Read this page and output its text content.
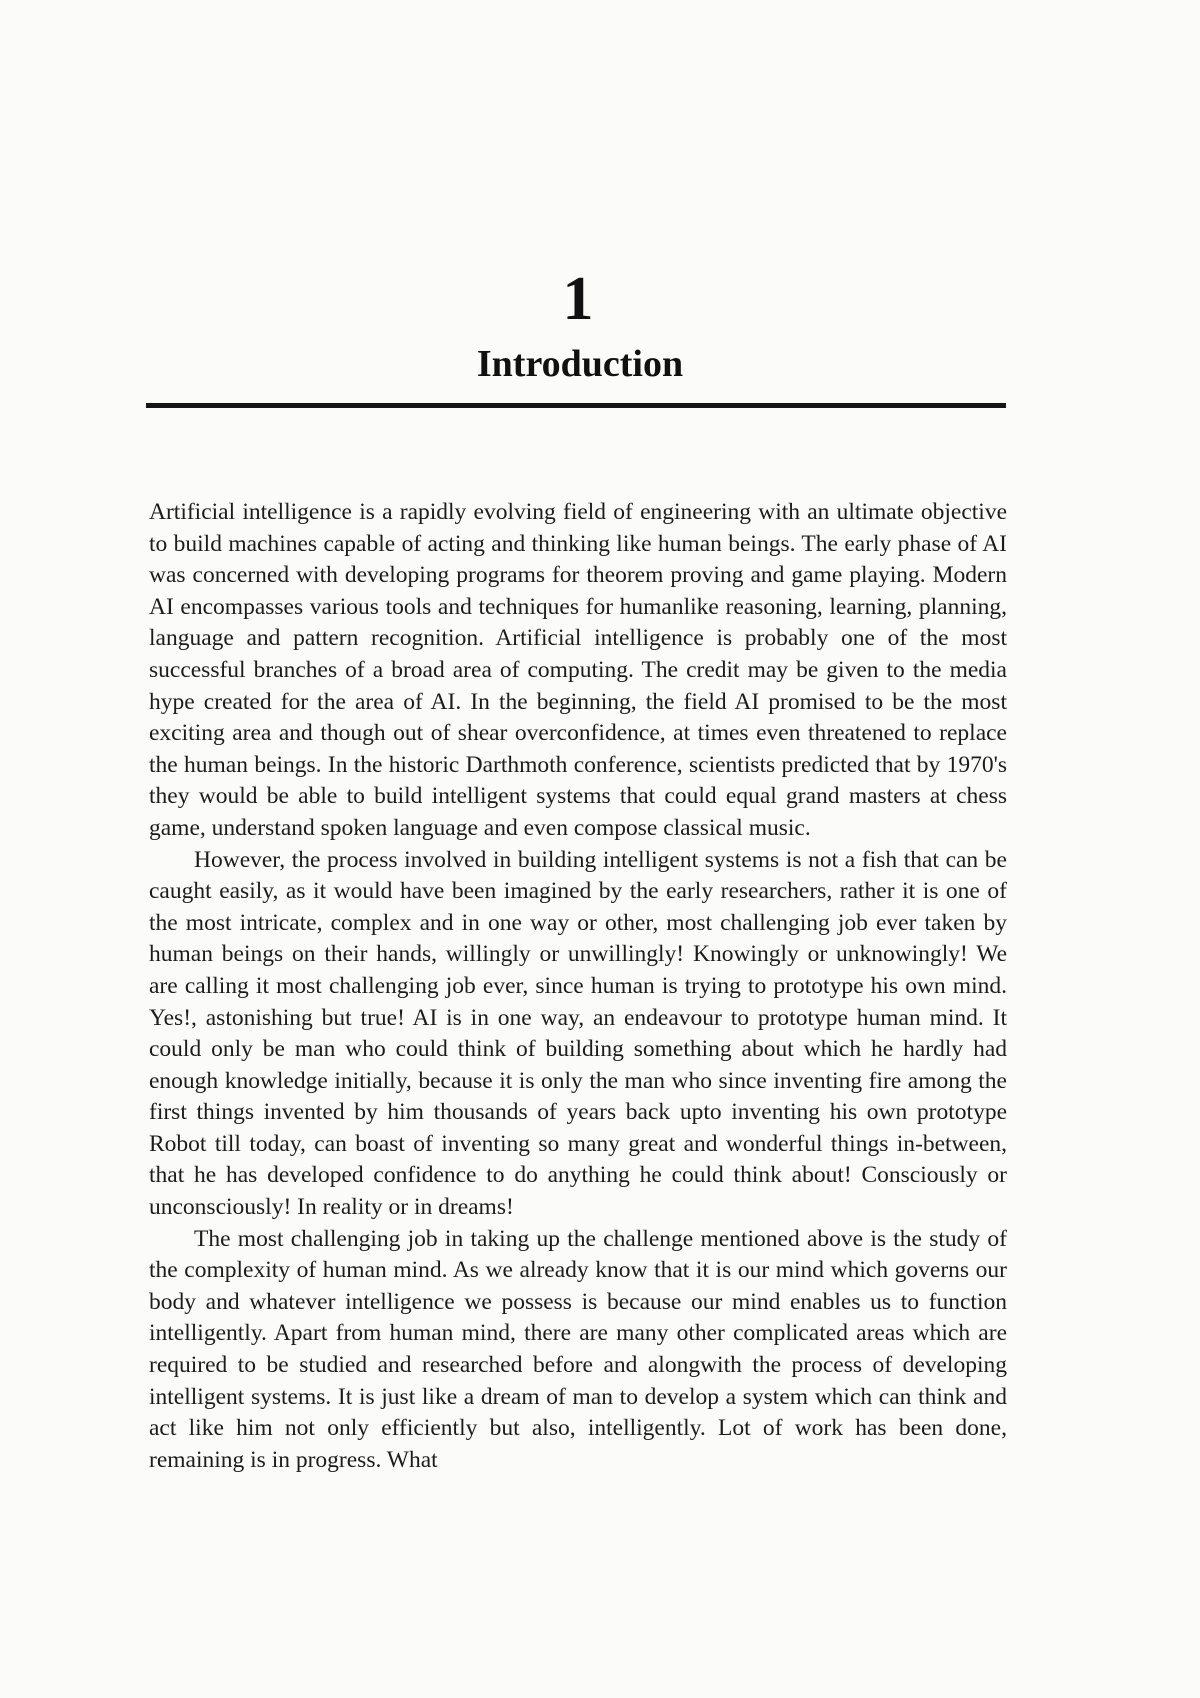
1
Introduction

Artificial intelligence is a rapidly evolving field of engineering with an ultimate objective to build machines capable of acting and thinking like human beings. The early phase of AI was concerned with developing programs for theorem proving and game playing. Modern AI encompasses various tools and techniques for humanlike reasoning, learning, planning, language and pattern recognition. Artificial intelligence is probably one of the most successful branches of a broad area of computing. The credit may be given to the media hype created for the area of AI. In the beginning, the field AI promised to be the most exciting area and though out of shear overconfidence, at times even threatened to replace the human beings. In the historic Darthmoth conference, scientists predicted that by 1970's they would be able to build intelligent systems that could equal grand masters at chess game, understand spoken language and even compose classical music.

However, the process involved in building intelligent systems is not a fish that can be caught easily, as it would have been imagined by the early researchers, rather it is one of the most intricate, complex and in one way or other, most challenging job ever taken by human beings on their hands, willingly or unwillingly! Knowingly or unknowingly! We are calling it most challenging job ever, since human is trying to prototype his own mind. Yes!, astonishing but true! AI is in one way, an endeavour to prototype human mind. It could only be man who could think of building something about which he hardly had enough knowledge initially, because it is only the man who since inventing fire among the first things invented by him thousands of years back upto inventing his own prototype Robot till today, can boast of inventing so many great and wonderful things in-between, that he has developed confidence to do anything he could think about! Consciously or unconsciously! In reality or in dreams!

The most challenging job in taking up the challenge mentioned above is the study of the complexity of human mind. As we already know that it is our mind which governs our body and whatever intelligence we possess is because our mind enables us to function intelligently. Apart from human mind, there are many other complicated areas which are required to be studied and researched before and alongwith the process of developing intelligent systems. It is just like a dream of man to develop a system which can think and act like him not only efficiently but also, intelligently. Lot of work has been done, remaining is in progress. What
